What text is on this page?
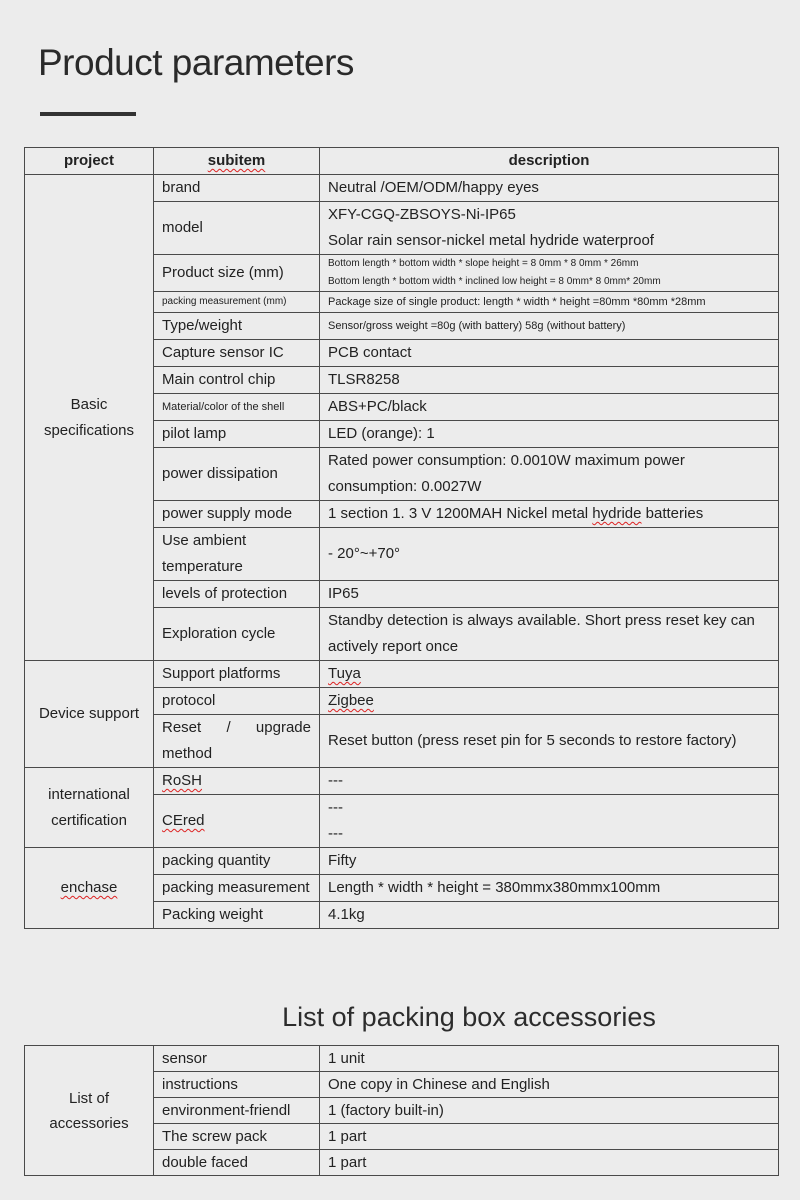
Product parameters
project	subitem	description
Basic specifications	brand	Neutral /OEM/ODM/happy eyes
	model	XFY-CGQ-ZBSOYS-Ni-IP65
Solar rain sensor-nickel metal hydride waterproof

	Product size (mm)	Bottom length * bottom width * slope height = 8 0mm * 8 0mm * 26mm
Bottom length * bottom width * inclined low height = 8 0mm* 8 0mm* 20mm

	packing measurement (mm)	Package size of single product: length * width * height =80mm *80mm *28mm
	Type/weight	Sensor/gross weight =80g (with battery) 58g (without battery)
	Capture sensor IC	PCB contact
	Main control chip	TLSR8258
	Material/color of the shell	ABS+PC/black
	pilot lamp	LED (orange): 1
	power dissipation	Rated power consumption: 0.0010W maximum power consumption: 0.0027W
	power supply mode	1 section 1. 3 V 1200MAH Nickel metal hydride batteries
	Use ambient temperature	- 20°~+70°
	levels of protection	IP65
	Exploration cycle	Standby detection is always available. Short press reset key can actively report once
Device support	Support platforms	Tuya
	protocol	Zigbee
	Reset / upgrade method	Reset button (press reset pin for 5 seconds to restore factory)
international certification	RoSH	---
	CEred	---
---

enchase	packing quantity	Fifty
	packing measurement	Length * width * height = 380mmx380mmx100mm
	Packing weight	4.1kg
List of packing box accessories
List of accessories	sensor	1 unit
	instructions	One copy in Chinese and English
	environment-friendl	1 (factory built-in)
	The screw pack	1 part
	double faced	1 part
